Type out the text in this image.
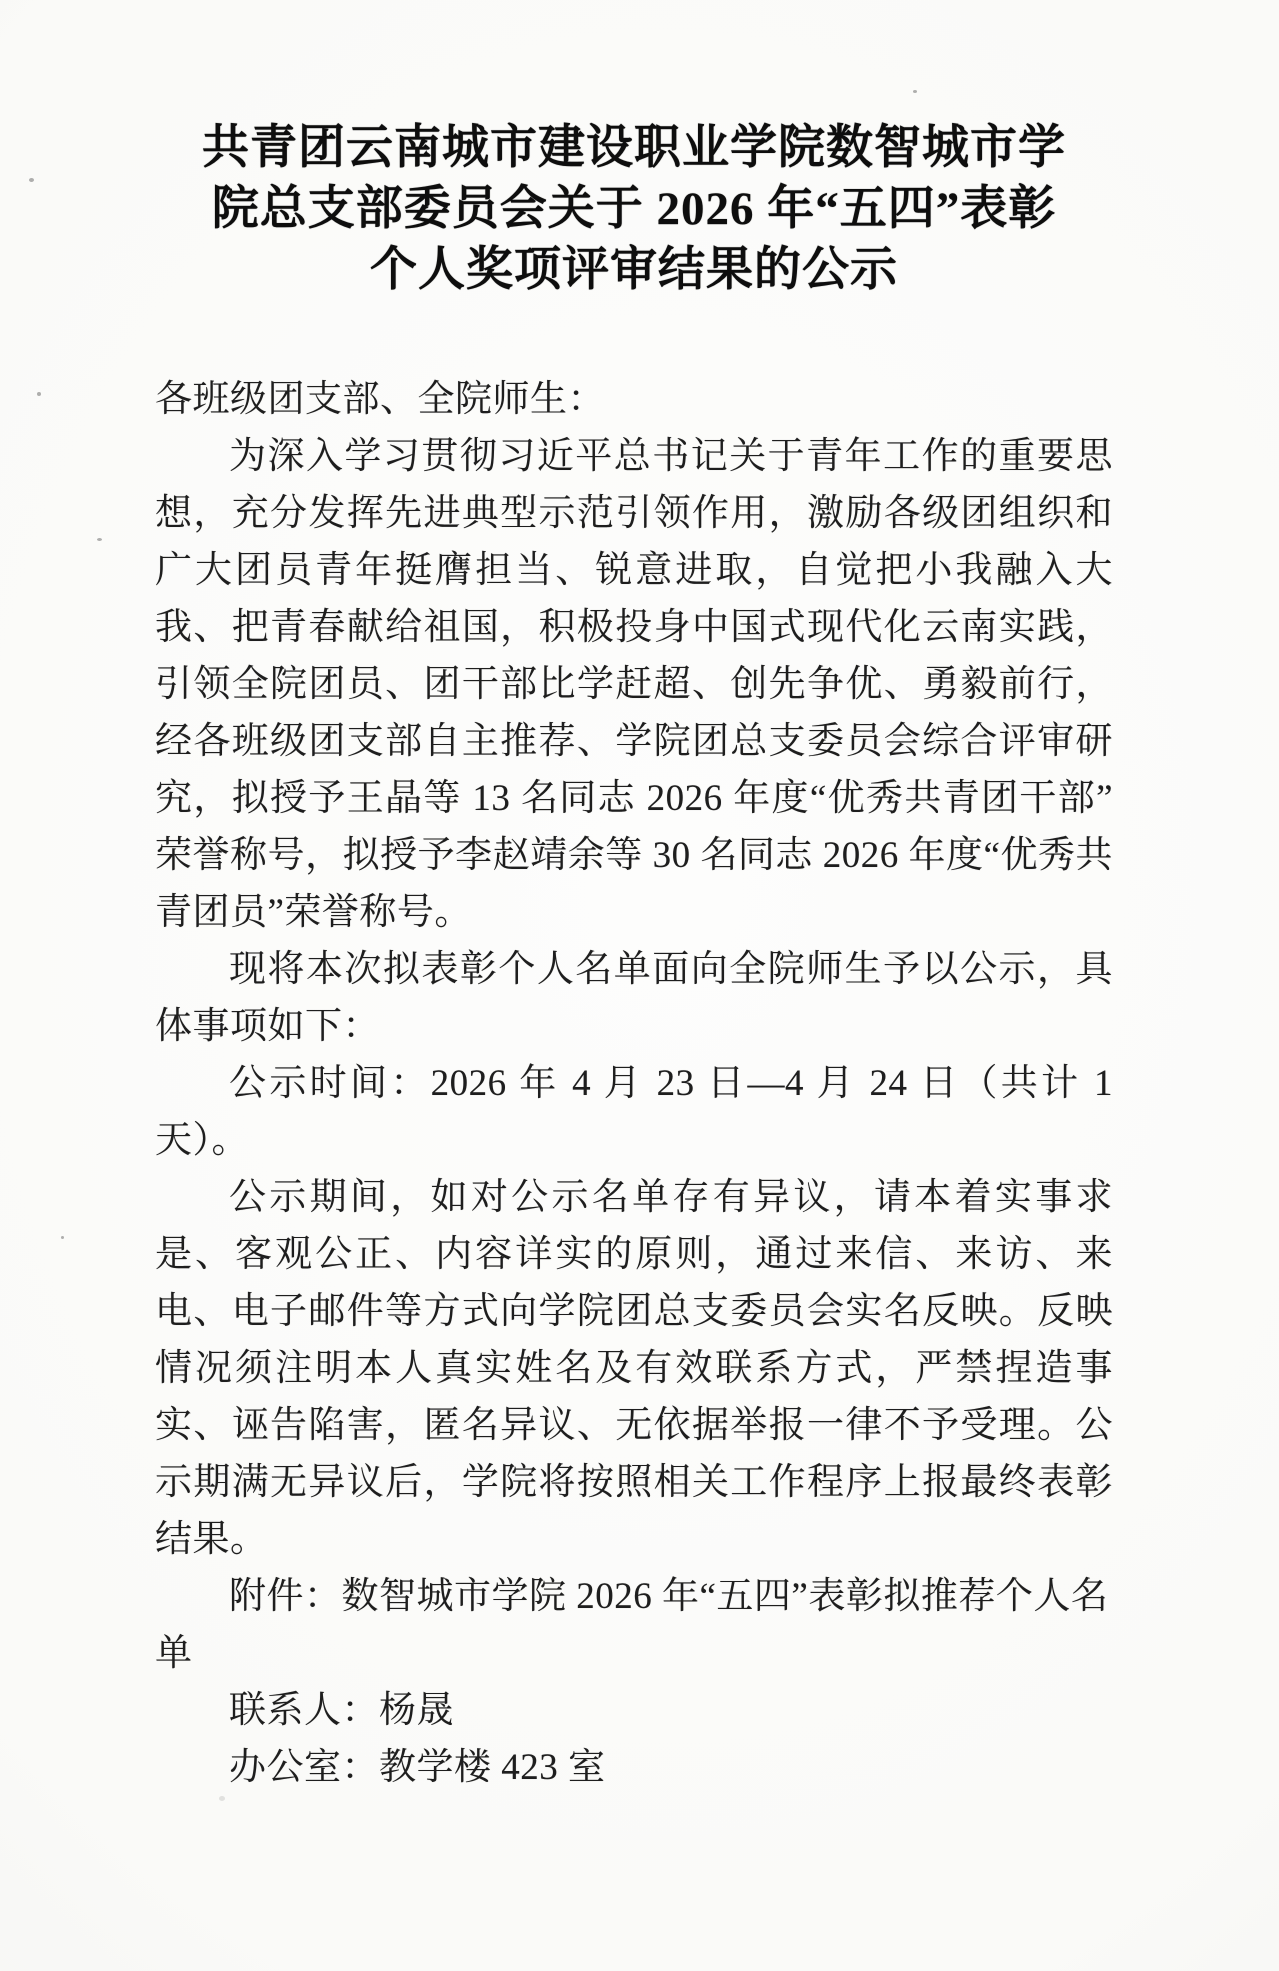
共青团云南城市建设职业学院数智城市学
院总支部委员会关于 2026 年“五四”表彰
个人奖项评审结果的公示

各班级团支部、全院师生：

为深入学习贯彻习近平总书记关于青年工作的重要思想，充分发挥先进典型示范引领作用，激励各级团组织和广大团员青年挺膺担当、锐意进取，自觉把小我融入大我、把青春献给祖国，积极投身中国式现代化云南实践，引领全院团员、团干部比学赶超、创先争优、勇毅前行，经各班级团支部自主推荐、学院团总支委员会综合评审研究，拟授予王晶等 13 名同志 2026 年度“优秀共青团干部”荣誉称号，拟授予李赵靖余等 30 名同志 2026 年度“优秀共青团员”荣誉称号。

现将本次拟表彰个人名单面向全院师生予以公示，具体事项如下：

公示时间：2026 年 4 月 23 日—4 月 24 日（共计 1 天）。

公示期间，如对公示名单存有异议，请本着实事求是、客观公正、内容详实的原则，通过来信、来访、来电、电子邮件等方式向学院团总支委员会实名反映。反映情况须注明本人真实姓名及有效联系方式，严禁捏造事实、诬告陷害，匿名异议、无依据举报一律不予受理。公示期满无异议后，学院将按照相关工作程序上报最终表彰结果。

附件：数智城市学院 2026 年“五四”表彰拟推荐个人名单

联系人：杨晟

办公室：教学楼 423 室
